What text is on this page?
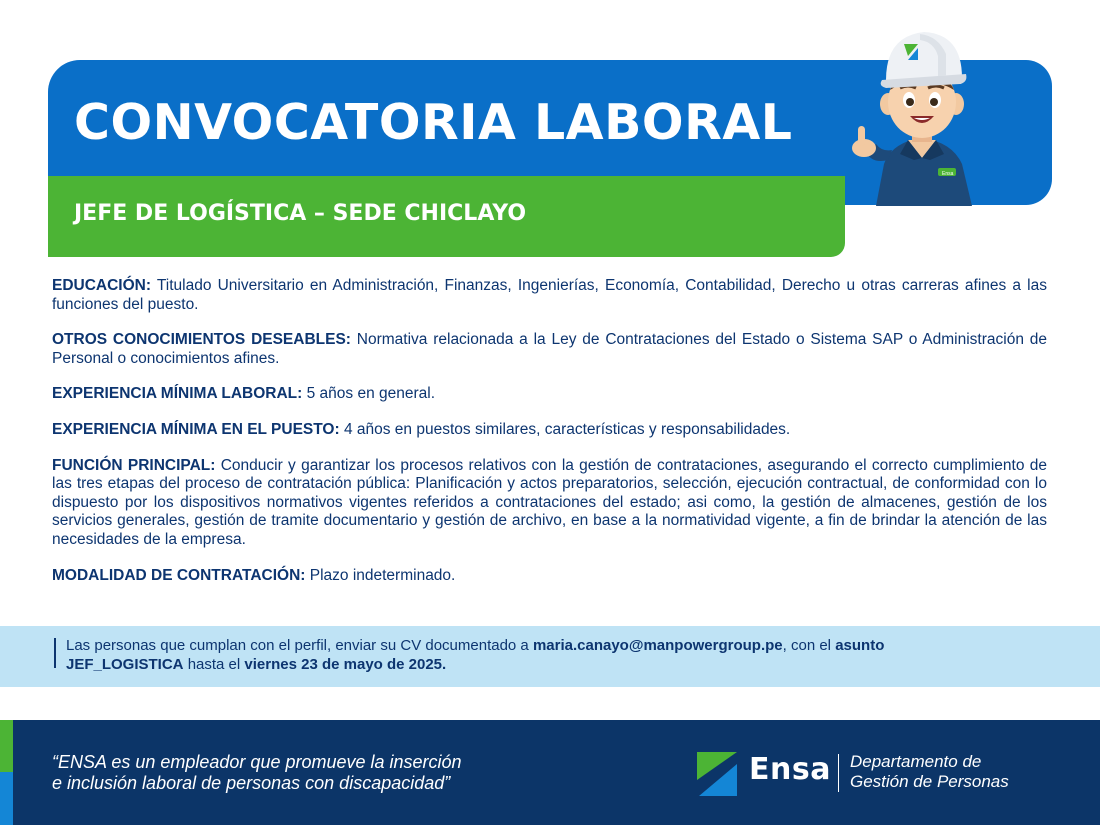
CONVOCATORIA LABORAL
JEFE DE LOGÍSTICA – SEDE CHICLAYO
Ensa

EDUCACIÓN: Titulado Universitario en Administración, Finanzas, Ingenierías, Economía, Contabilidad, Derecho u otras carreras afines a las funciones del puesto.

OTROS CONOCIMIENTOS DESEABLES: Normativa relacionada a la Ley de Contrataciones del Estado o Sistema SAP o Administración de Personal o conocimientos afines.

EXPERIENCIA MÍNIMA LABORAL: 5 años en general.

EXPERIENCIA MÍNIMA EN EL PUESTO: 4 años en puestos similares, características y responsabilidades.

FUNCIÓN PRINCIPAL: Conducir y garantizar los procesos relativos con la gestión de contrataciones, asegurando el correcto cumplimiento de las tres etapas del proceso de contratación pública: Planificación y actos preparatorios, selección, ejecución contractual, de conformidad con lo dispuesto por los dispositivos normativos vigentes referidos a contrataciones del estado; asi como, la gestión de almacenes, gestión de los servicios generales, gestión de tramite documentario y gestión de archivo, en base a la normatividad vigente, a fin de brindar la atención de las necesidades de la empresa.

MODALIDAD DE CONTRATACIÓN: Plazo indeterminado.

Las personas que cumplan con el perfil, enviar su CV documentado a maria.canayo@manpowergroup.pe, con el asunto
JEF_LOGISTICA hasta el viernes 23 de mayo de 2025.
“ENSA es un empleador que promueve la inserción
e inclusión laboral de personas con discapacidad”	Ensa Departamento de
Gestión de Personas
